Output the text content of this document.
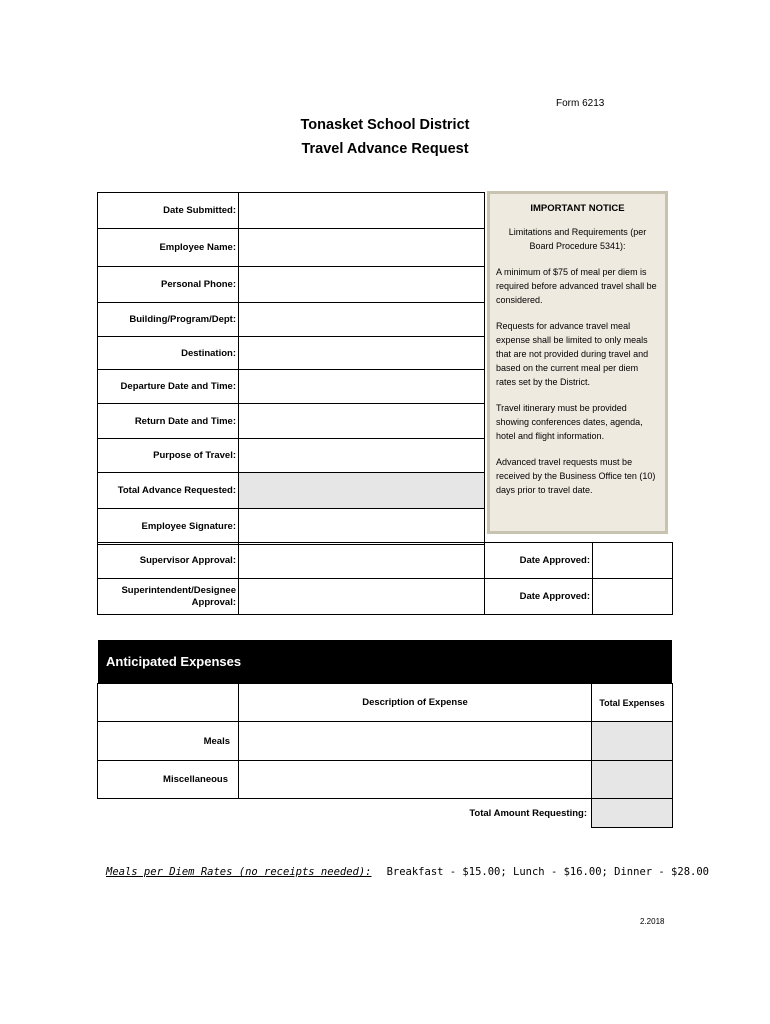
Form 6213
Tonasket School District
Travel Advance Request
Date Submitted:	
Employee Name:	
Personal Phone:	
Building/Program/Dept:	
Destination:	
Departure Date and Time:	
Return Date and Time:	
Purpose of Travel:	
Total Advance Requested:	
Employee Signature:	
IMPORTANT NOTICE
Limitations and Requirements (per Board Procedure 5341):
A minimum of $75 of meal per diem is required before advanced travel shall be considered.
Requests for advance travel meal expense shall be limited to only meals that are not provided during travel and based on the current meal per diem rates set by the District.
Travel itinerary must be provided showing conferences dates, agenda, hotel and flight information.
Advanced travel requests must be received by the Business Office ten (10) days prior to travel date.
Supervisor Approval:		Date Approved:	

Superintendent/Designee
Approval:		Date Approved:	
Anticipated Expenses
	Description of Expense	Total Expenses
Meals		
Miscellaneous		
Total Amount Requesting:		
Meals per Diem Rates (no receipts needed): Breakfast - $15.00; Lunch - $16.00; Dinner - $28.00
2.2018
